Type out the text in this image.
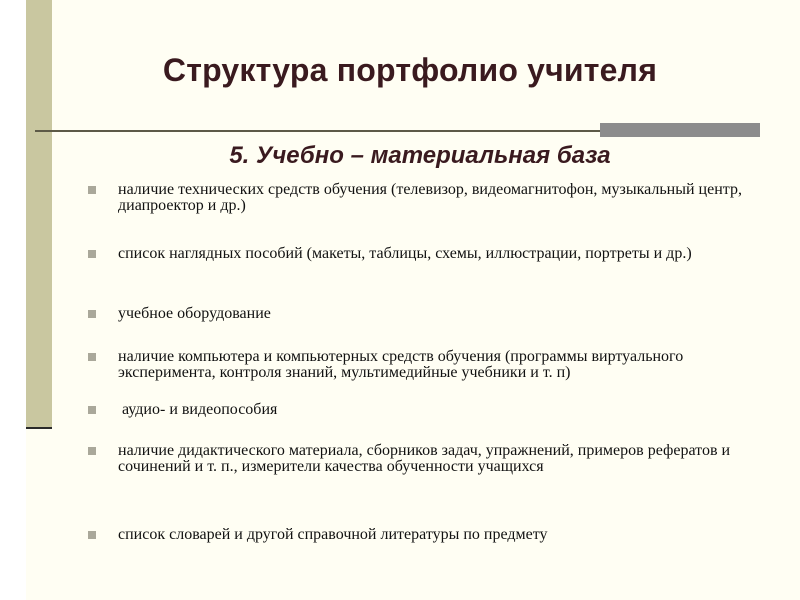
Структура портфолио учителя
5. Учебно – материальная база
наличие технических средств обучения (телевизор, видеомагнитофон, музыкальный центр, диапроектор и др.)
список наглядных пособий (макеты, таблицы, схемы, иллюстрации, портреты и др.)
учебное оборудование
наличие компьютера и компьютерных средств обучения (программы виртуального эксперимента, контроля знаний, мультимедийные учебники и т. п)
аудио- и видеопособия
наличие дидактического материала, сборников задач, упражнений, примеров рефератов и сочинений и т. п., измерители качества обученности учащихся
список словарей и другой справочной литературы по предмету
